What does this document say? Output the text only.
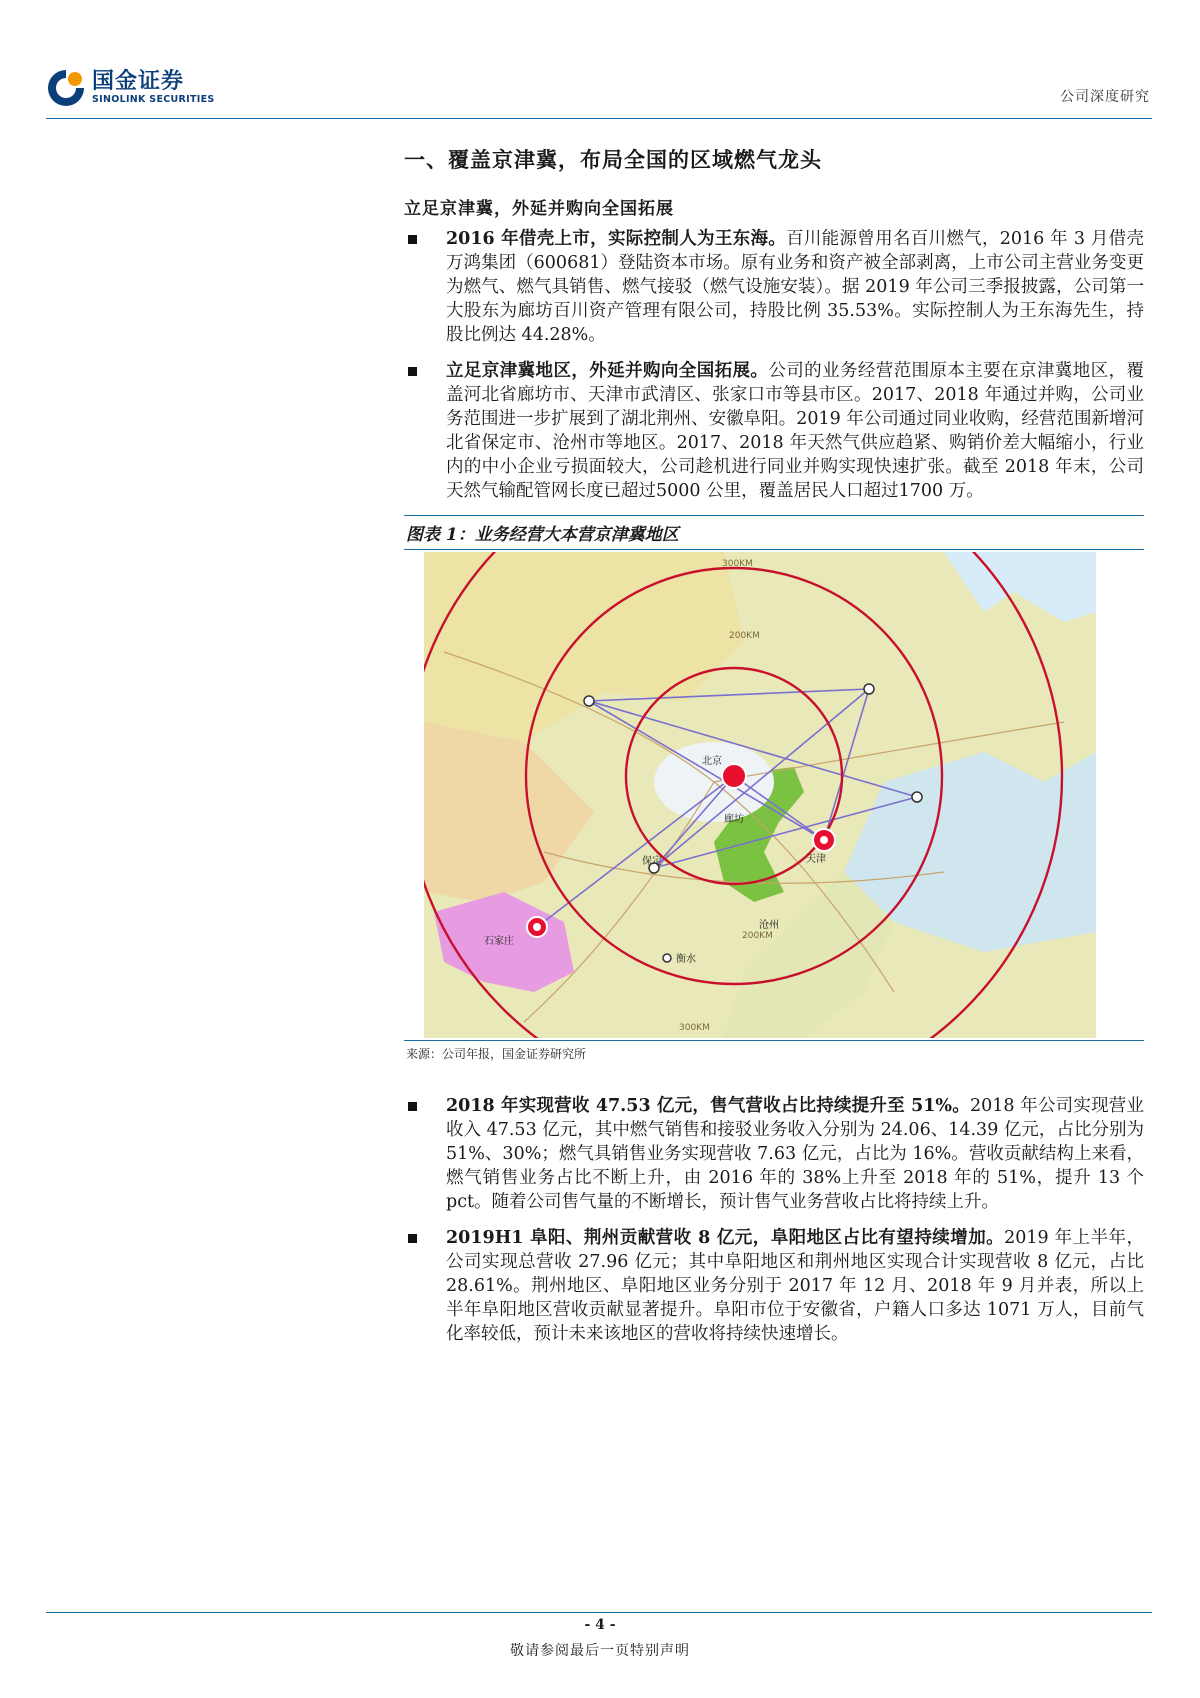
国金证券
SINOLINK SECURITIES	公司深度研究
一、覆盖京津冀，布局全国的区域燃气龙头
立足京津冀，外延并购向全国拓展
2016 年借壳上市，实际控制人为王东海。百川能源曾用名百川燃气，2016 年 3 月借壳万鸿集团（600681）登陆资本市场。原有业务和资产被全部剥离，上市公司主营业务变更为燃气、燃气具销售、燃气接驳（燃气设施安装）。据 2019 年公司三季报披露，公司第一大股东为廊坊百川资产管理有限公司，持股比例 35.53%。实际控制人为王东海先生，持股比例达 44.28%。
立足京津冀地区，外延并购向全国拓展。公司的业务经营范围原本主要在京津冀地区，覆盖河北省廊坊市、天津市武清区、张家口市等县市区。2017、2018 年通过并购，公司业务范围进一步扩展到了湖北荆州、安徽阜阳。2019 年公司通过同业收购，经营范围新增河北省保定市、沧州市等地区。2017、2018 年天然气供应趋紧、购销价差大幅缩小，行业内的中小企业亏损面较大，公司趁机进行同业并购实现快速扩张。截至 2018 年末，公司天然气输配管网长度已超过5000 公里，覆盖居民人口超过1700 万。
图表 1：业务经营大本营京津冀地区
300KM
200KM
300KM
200KM
北京
天津
廊坊
保定
石家庄
沧州
衡水
来源：公司年报，国金证券研究所
2018 年实现营收 47.53 亿元，售气营收占比持续提升至 51%。2018 年公司实现营业收入 47.53 亿元，其中燃气销售和接驳业务收入分别为 24.06、14.39 亿元，占比分别为 51%、30%；燃气具销售业务实现营收 7.63 亿元，占比为 16%。营收贡献结构上来看，燃气销售业务占比不断上升，由 2016 年的 38%上升至 2018 年的 51%，提升 13 个 pct。随着公司售气量的不断增长，预计售气业务营收占比将持续上升。
2019H1 阜阳、荆州贡献营收 8 亿元，阜阳地区占比有望持续增加。2019 年上半年，公司实现总营收 27.96 亿元；其中阜阳地区和荆州地区实现合计实现营收 8 亿元，占比 28.61%。荆州地区、阜阳地区业务分别于 2017 年 12 月、2018 年 9 月并表，所以上半年阜阳地区营收贡献显著提升。阜阳市位于安徽省，户籍人口多达 1071 万人，目前气化率较低，预计未来该地区的营收将持续快速增长。
- 4 -
敬请参阅最后一页特别声明
